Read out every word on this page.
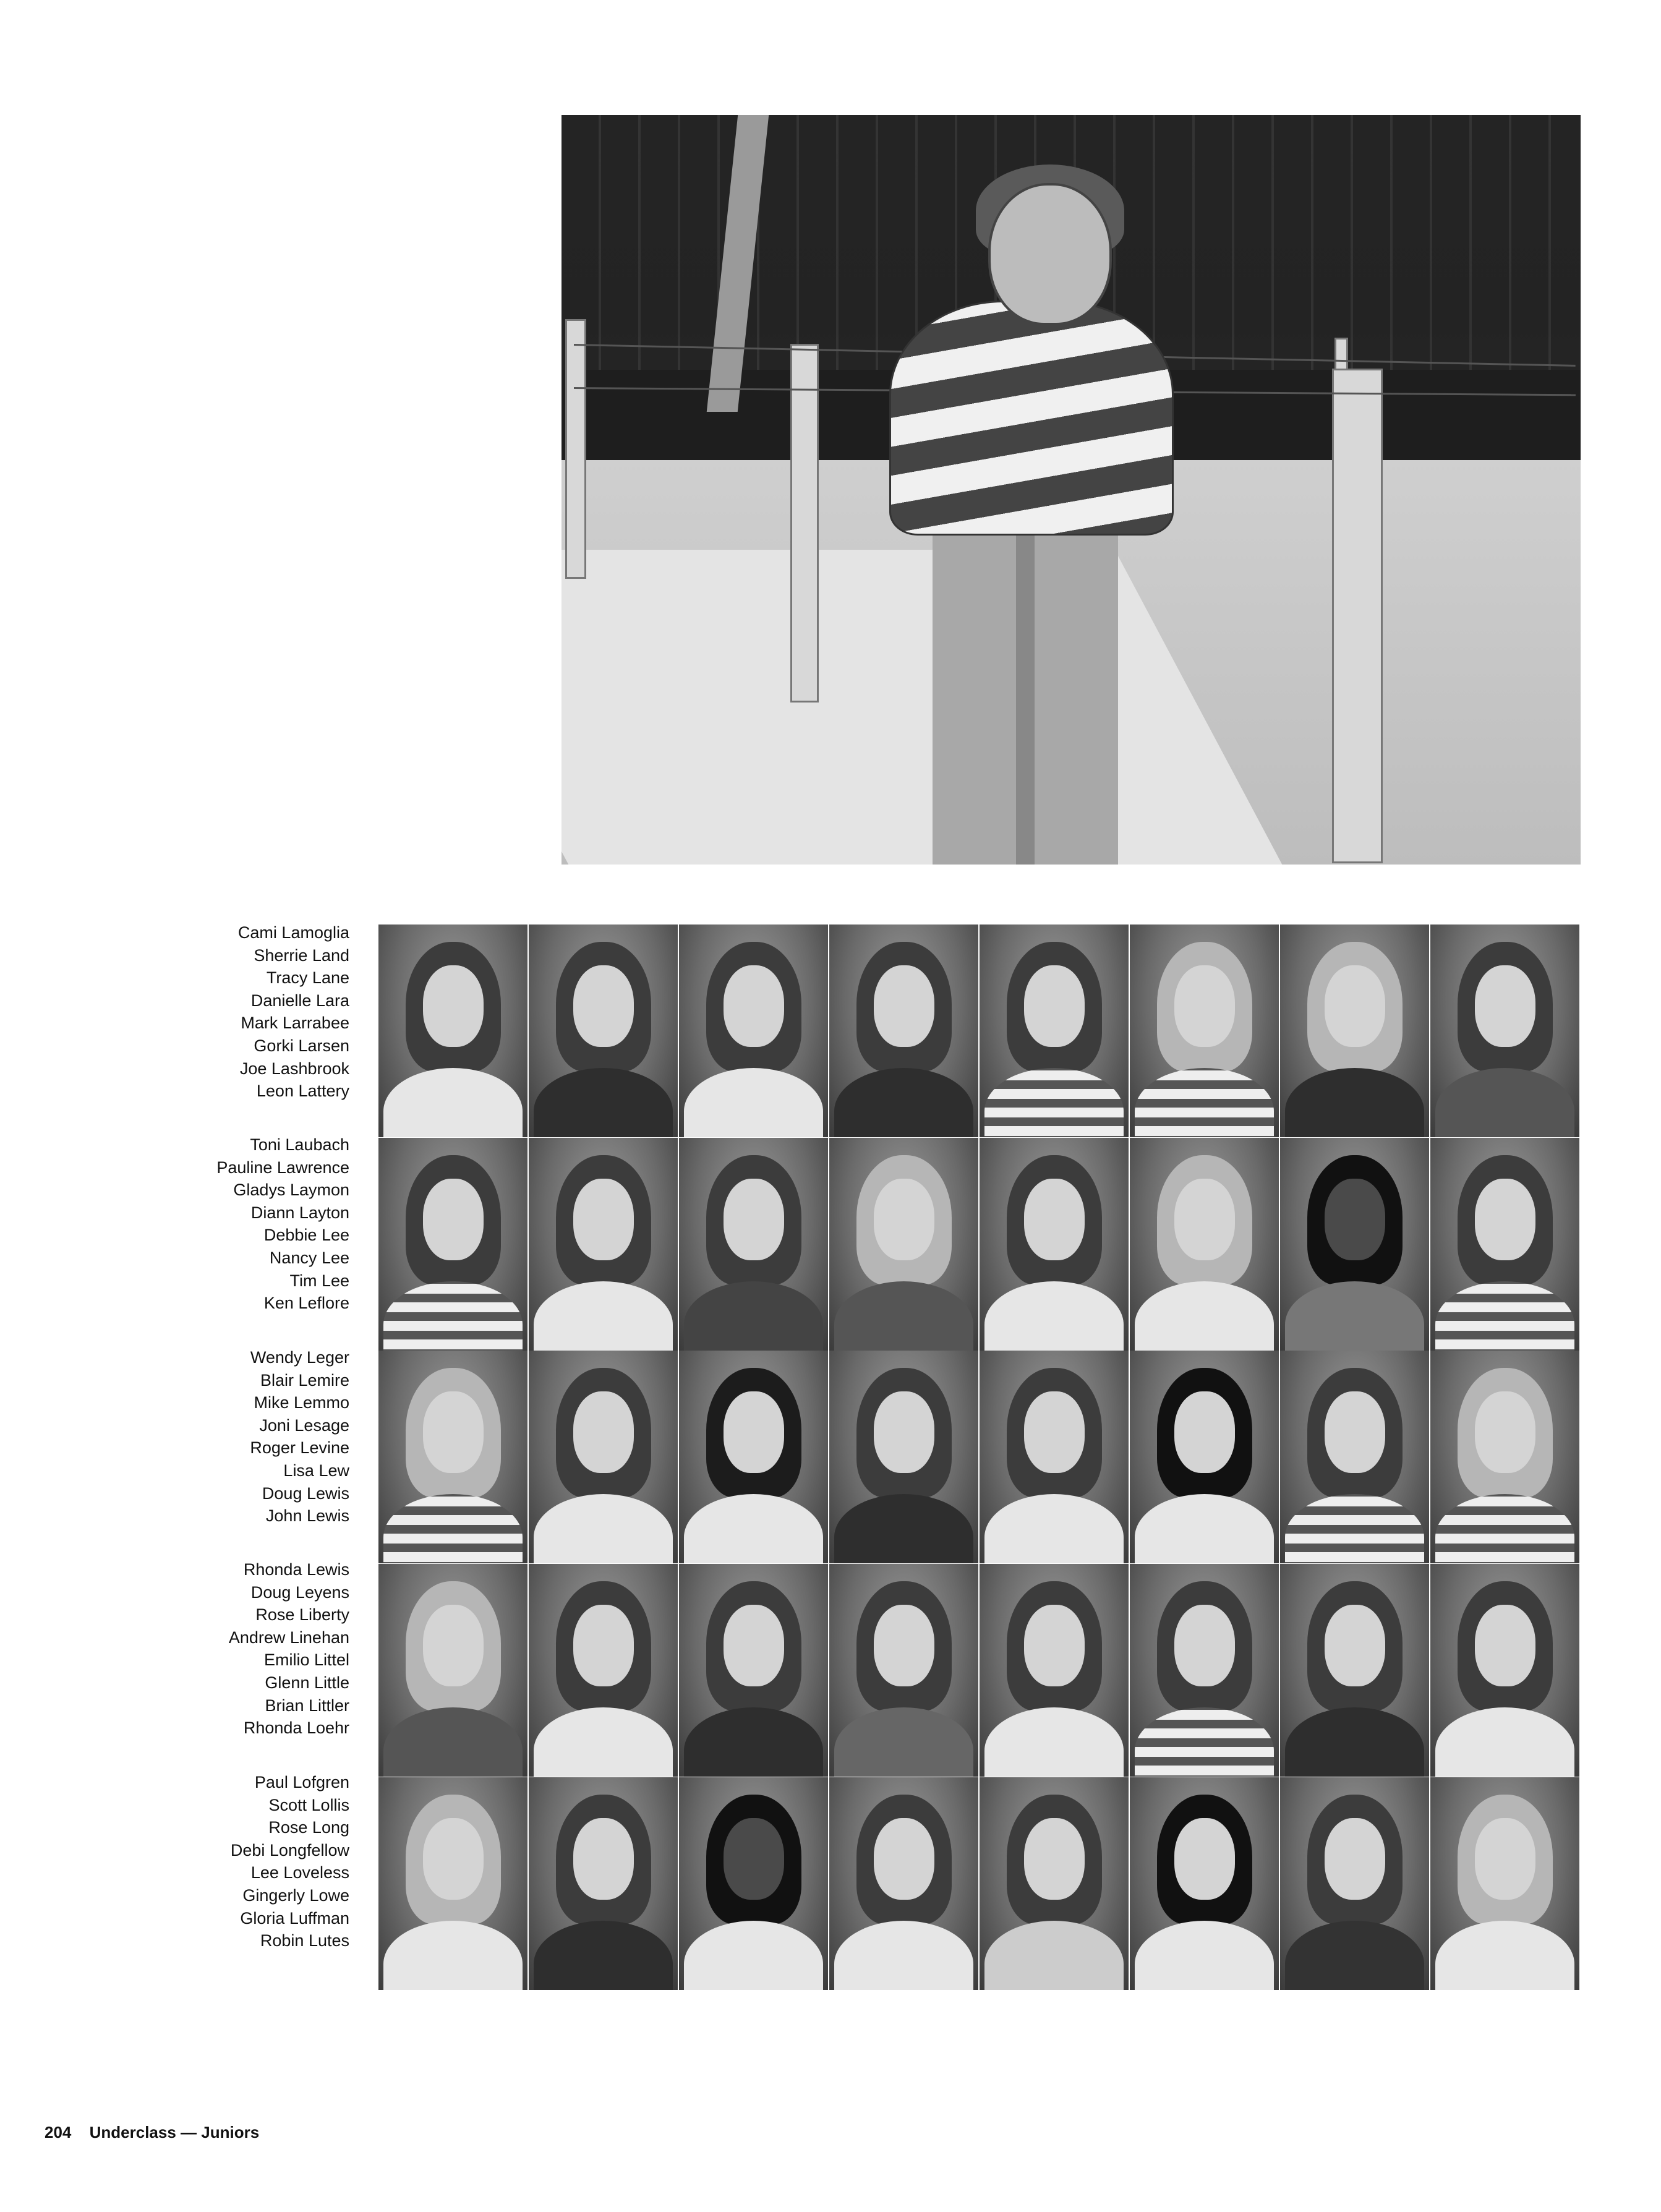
Cami Lamoglia
Sherrie Land
Tracy Lane
Danielle Lara
Mark Larrabee
Gorki Larsen
Joe Lashbrook
Leon Lattery
Toni Laubach
Pauline Lawrence
Gladys Laymon
Diann Layton
Debbie Lee
Nancy Lee
Tim Lee
Ken Leflore
Wendy Leger
Blair Lemire
Mike Lemmo
Joni Lesage
Roger Levine
Lisa Lew
Doug Lewis
John Lewis
Rhonda Lewis
Doug Leyens
Rose Liberty
Andrew Linehan
Emilio Littel
Glenn Little
Brian Littler
Rhonda Loehr
Paul Lofgren
Scott Lollis
Rose Long
Debi Longfellow
Lee Loveless
Gingerly Lowe
Gloria Luffman
Robin Lutes
204 Underclass — Juniors
